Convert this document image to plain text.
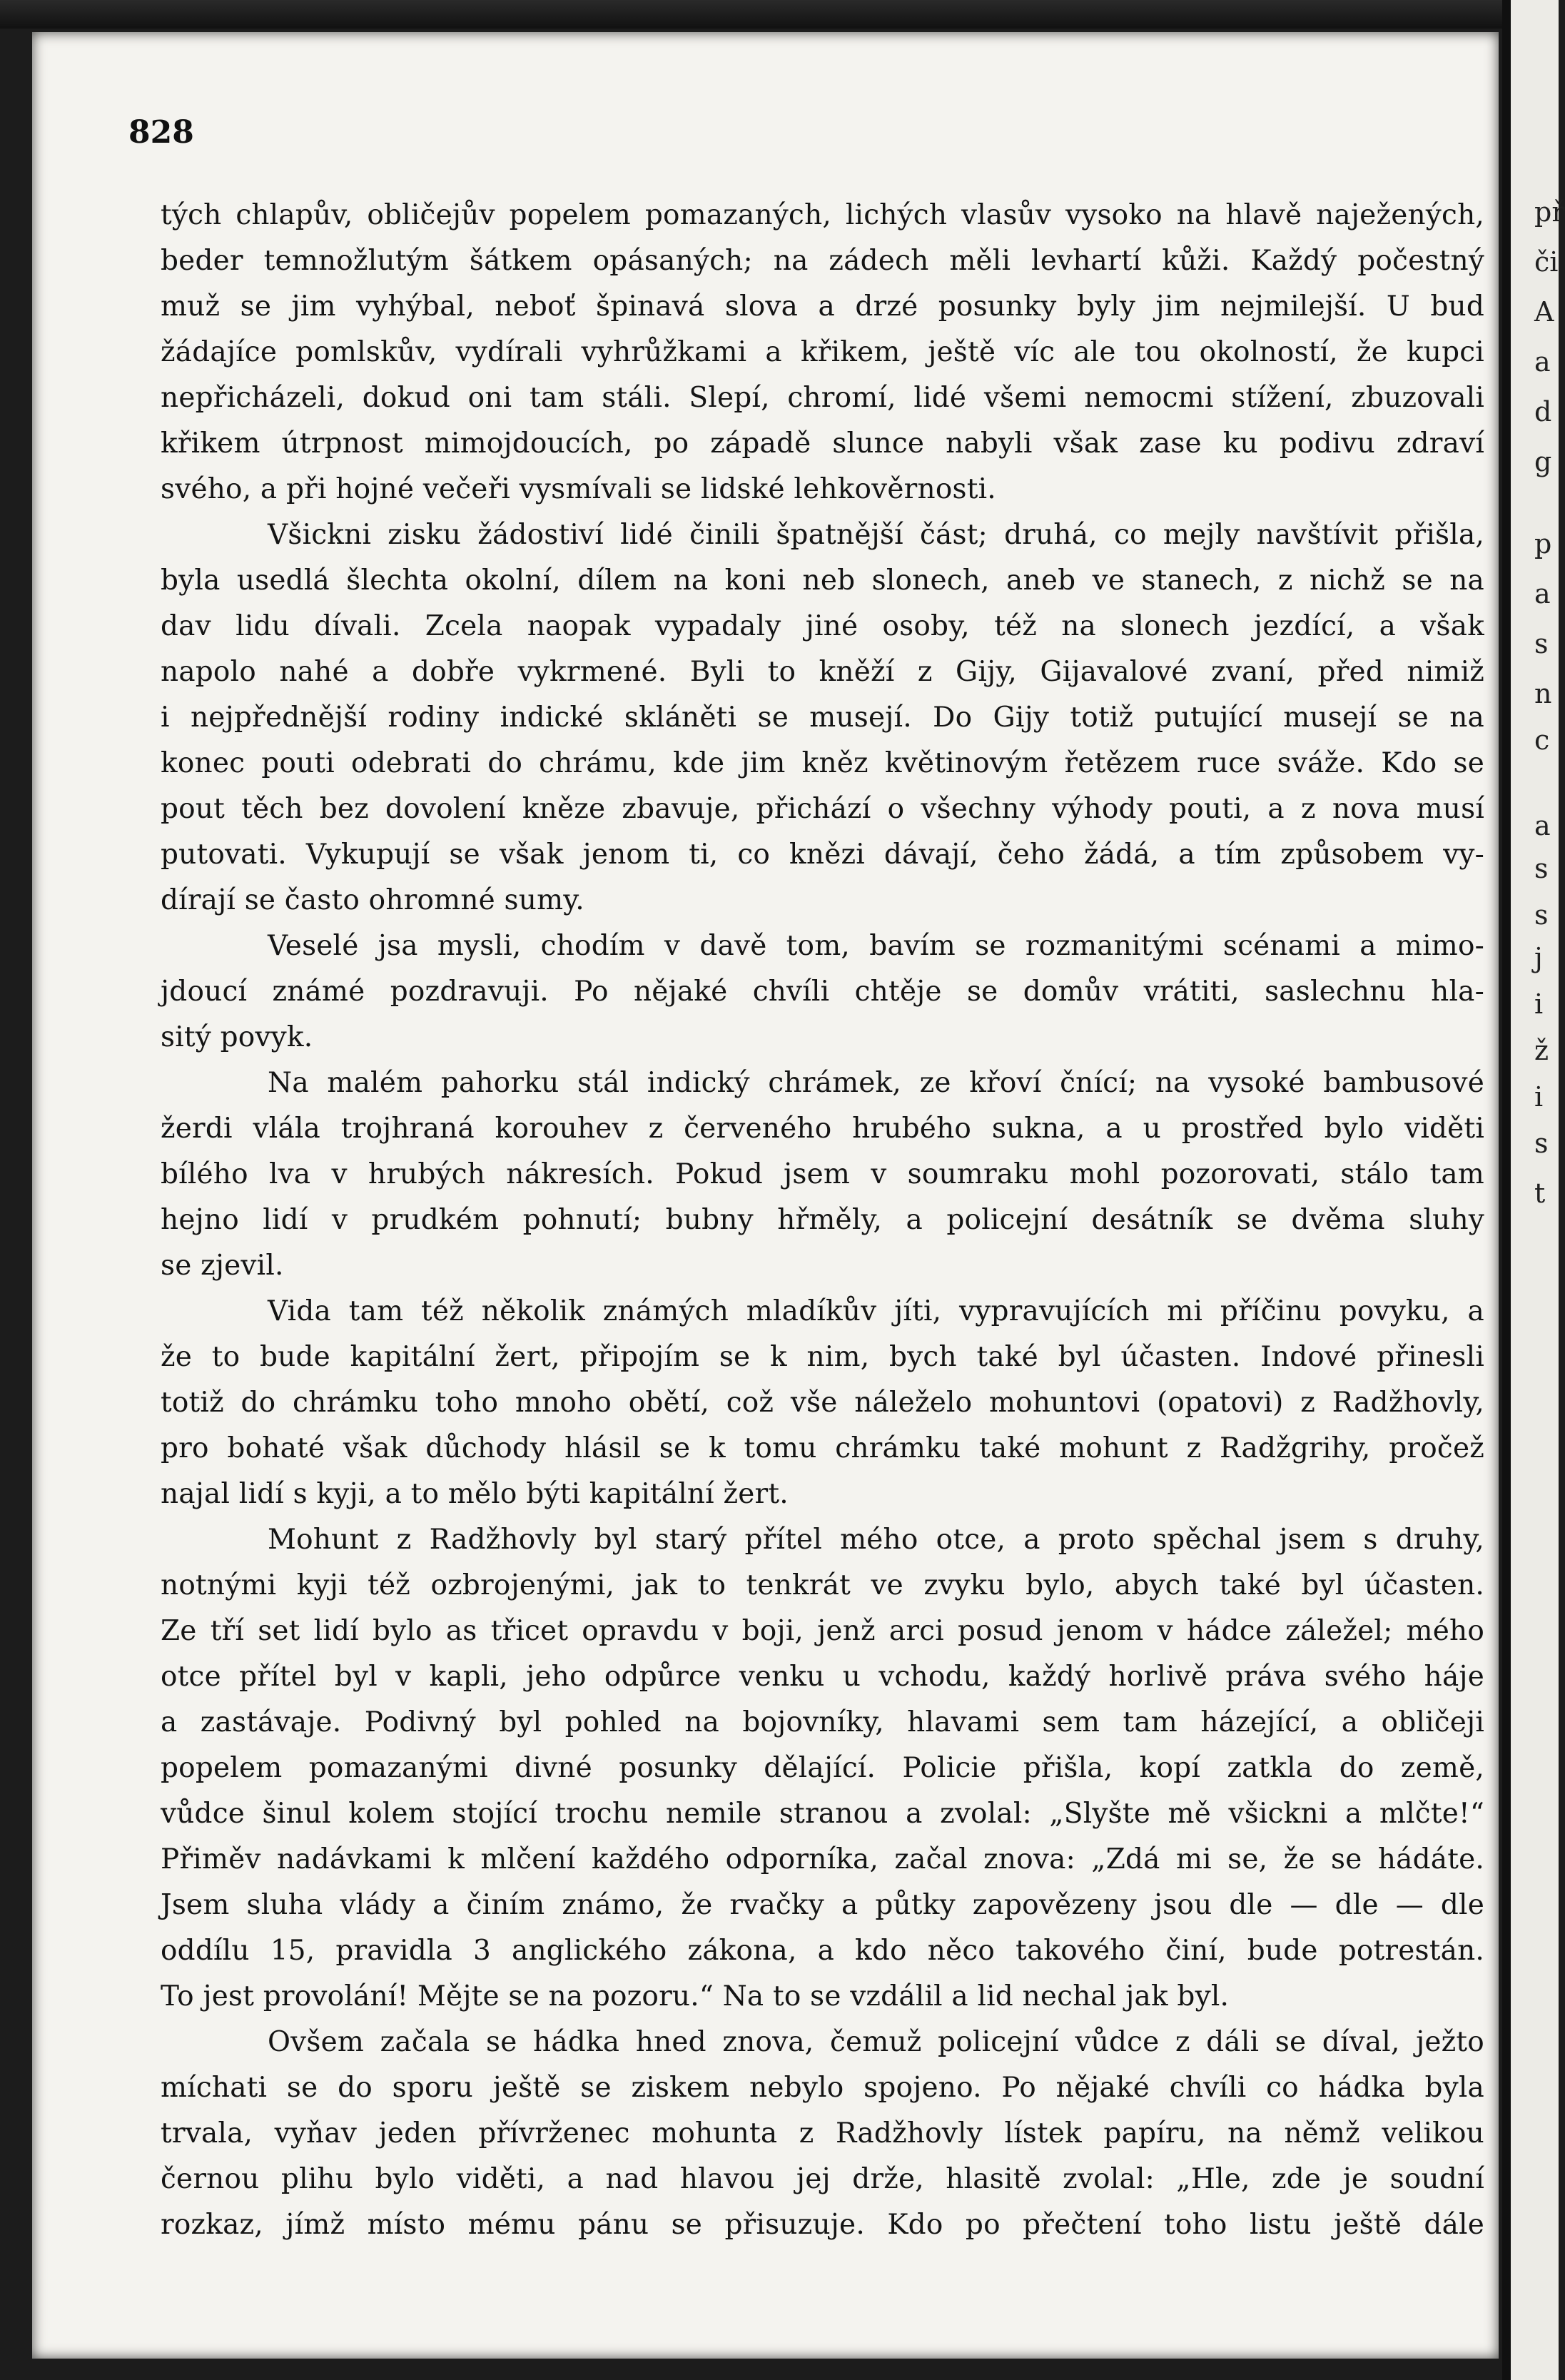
př
či
A
a
d
g
p
a
s
n
c
a
s
s
j
i
ž
i
s
t
828
tých chlapův, obličejův popelem pomazaných, lichých vlasův vysoko na hlavě naježených,
beder temnožlutým šátkem opásaných; na zádech měli levhartí kůži. Každý počestný
muž se jim vyhýbal, neboť špinavá slova a drzé posunky byly jim nejmilejší. U bud
žádajíce pomlskův, vydírali vyhrůžkami a křikem, ještě víc ale tou okolností, že kupci
nepřicházeli, dokud oni tam stáli. Slepí, chromí, lidé všemi nemocmi stížení, zbuzovali
křikem útrpnost mimojdoucích, po západě slunce nabyli však zase ku podivu zdraví
svého, a při hojné večeři vysmívali se lidské lehkověrnosti.
Všickni zisku žádostiví lidé činili špatnější část; druhá, co mejly navštívit přišla,
byla usedlá šlechta okolní, dílem na koni neb slonech, aneb ve stanech, z nichž se na
dav lidu dívali. Zcela naopak vypadaly jiné osoby, též na slonech jezdící, a však
napolo nahé a dobře vykrmené. Byli to kněží z Gijy, Gijavalové zvaní, před nimiž
i nejpřednější rodiny indické skláněti se musejí. Do Gijy totiž putující musejí se na
konec pouti odebrati do chrámu, kde jim kněz květinovým řetězem ruce sváže. Kdo se
pout těch bez dovolení kněze zbavuje, přichází o všechny výhody pouti, a z nova musí
putovati. Vykupují se však jenom ti, co knězi dávají, čeho žádá, a tím způsobem vy-
dírají se často ohromné sumy.
Veselé jsa mysli, chodím v davě tom, bavím se rozmanitými scénami a mimo-
jdoucí známé pozdravuji. Po nějaké chvíli chtěje se domův vrátiti, saslechnu hla-
sitý povyk.
Na malém pahorku stál indický chrámek, ze křoví čnící; na vysoké bambusové
žerdi vlála trojhraná korouhev z červeného hrubého sukna, a u prostřed bylo viděti
bílého lva v hrubých nákresích. Pokud jsem v soumraku mohl pozorovati, stálo tam
hejno lidí v prudkém pohnutí; bubny hřměly, a policejní desátník se dvěma sluhy
se zjevil.
Vida tam též několik známých mladíkův jíti, vypravujících mi příčinu povyku, a
že to bude kapitální žert, připojím se k nim, bych také byl účasten. Indové přinesli
totiž do chrámku toho mnoho obětí, což vše náleželo mohuntovi (opatovi) z Radžhovly,
pro bohaté však důchody hlásil se k tomu chrámku také mohunt z Radžgrihy, pročež
najal lidí s kyji, a to mělo býti kapitální žert.
Mohunt z Radžhovly byl starý přítel mého otce, a proto spěchal jsem s druhy,
notnými kyji též ozbrojenými, jak to tenkrát ve zvyku bylo, abych také byl účasten.
Ze tří set lidí bylo as třicet opravdu v boji, jenž arci posud jenom v hádce záležel; mého
otce přítel byl v kapli, jeho odpůrce venku u vchodu, každý horlivě práva svého háje
a zastávaje. Podivný byl pohled na bojovníky, hlavami sem tam házející, a obličeji
popelem pomazanými divné posunky dělající. Policie přišla, kopí zatkla do země,
vůdce šinul kolem stojící trochu nemile stranou a zvolal: „Slyšte mě všickni a mlčte!“
Přiměv nadávkami k mlčení každého odporníka, začal znova: „Zdá mi se, že se hádáte.
Jsem sluha vlády a činím známo, že rvačky a půtky zapovězeny jsou dle — dle — dle
oddílu 15, pravidla 3 anglického zákona, a kdo něco takového činí, bude potrestán.
To jest provolání! Mějte se na pozoru.“ Na to se vzdálil a lid nechal jak byl.
Ovšem začala se hádka hned znova, čemuž policejní vůdce z dáli se díval, ježto
míchati se do sporu ještě se ziskem nebylo spojeno. Po nějaké chvíli co hádka byla
trvala, vyňav jeden přívrženec mohunta z Radžhovly lístek papíru, na němž velikou
černou plihu bylo viděti, a nad hlavou jej drže, hlasitě zvolal: „Hle, zde je soudní
rozkaz, jímž místo mému pánu se přisuzuje. Kdo po přečtení toho listu ještě dále
